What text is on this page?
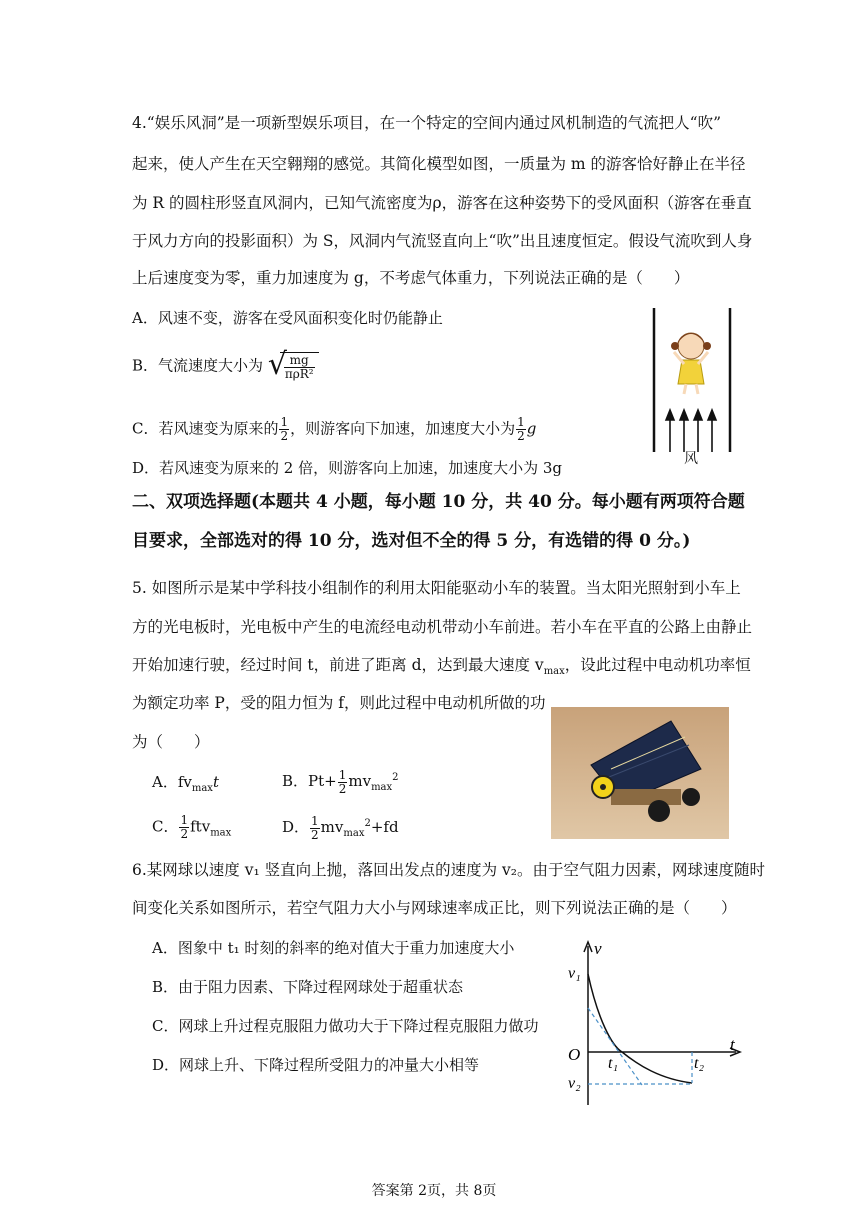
4.“娱乐风洞”是一项新型娱乐项目，在一个特定的空间内通过风机制造的气流把人“吹”
起来，使人产生在天空翱翔的感觉。其简化模型如图，一质量为 m 的游客恰好静止在半径
为 R 的圆柱形竖直风洞内，已知气流密度为ρ，游客在这种姿势下的受风面积（游客在垂直
于风力方向的投影面积）为 S，风洞内气流竖直向上“吹”出且速度恒定。假设气流吹到人身
上后速度变为零，重力加速度为 g，不考虑气体重力，下列说法正确的是（　　）
A．风速不变，游客在受风面积变化时仍能静止
B．气流速度大小为 √
$\frac{mg}{\text{πρR²}}$
C．若风速变为原来的 $\frac{1}{2}$ ，则游客向下加速，加速度大小为 $\frac{1}{2}$ g
D．若风速变为原来的 2 倍，则游客向上加速，加速度大小为 3g	风
二、双项选择题(本题共 4 小题，每小题 10 分，共 40 分。每小题有两项符合题
目要求，全部选对的得 10 分，选对但不全的得 5 分，有选错的得 0 分。)
5. 如图所示是某中学科技小组制作的利用太阳能驱动小车的装置。当太阳光照射到小车上
方的光电板时，光电板中产生的电流经电动机带动小车前进。若小车在平直的公路上由静止
开始加速行驶，经过时间 t，前进了距离 d，达到最大速度 $v_{max}$，设此过程中电动机功率恒
为额定功率 P，受的阻力恒为 f，则此过程中电动机所做的功
为（　　）
A．$fv_{max}t$	B．$Pt+ \frac{1}{2} mv_{max}^2$
C． $\frac{1}{2} ftv_{max}$	D． $\frac{1}{2} mv_{max}^2+fd$
6.某网球以速度 v₁ 竖直向上抛，落回出发点的速度为 v₂。由于空气阻力因素，网球速度随时
间变化关系如图所示，若空气阻力大小与网球速率成正比，则下列说法正确的是（　　）
A．图象中 t₁ 时刻的斜率的绝对值大于重力加速度大小
B．由于阻力因素、下降过程网球处于超重状态
C．网球上升过程克服阻力做功大于下降过程克服阻力做功
D．网球上升、下降过程所受阻力的冲量大小相等
v
t
O
v₁
v₂
t₁	t₂
答案第 2页，共 8页
